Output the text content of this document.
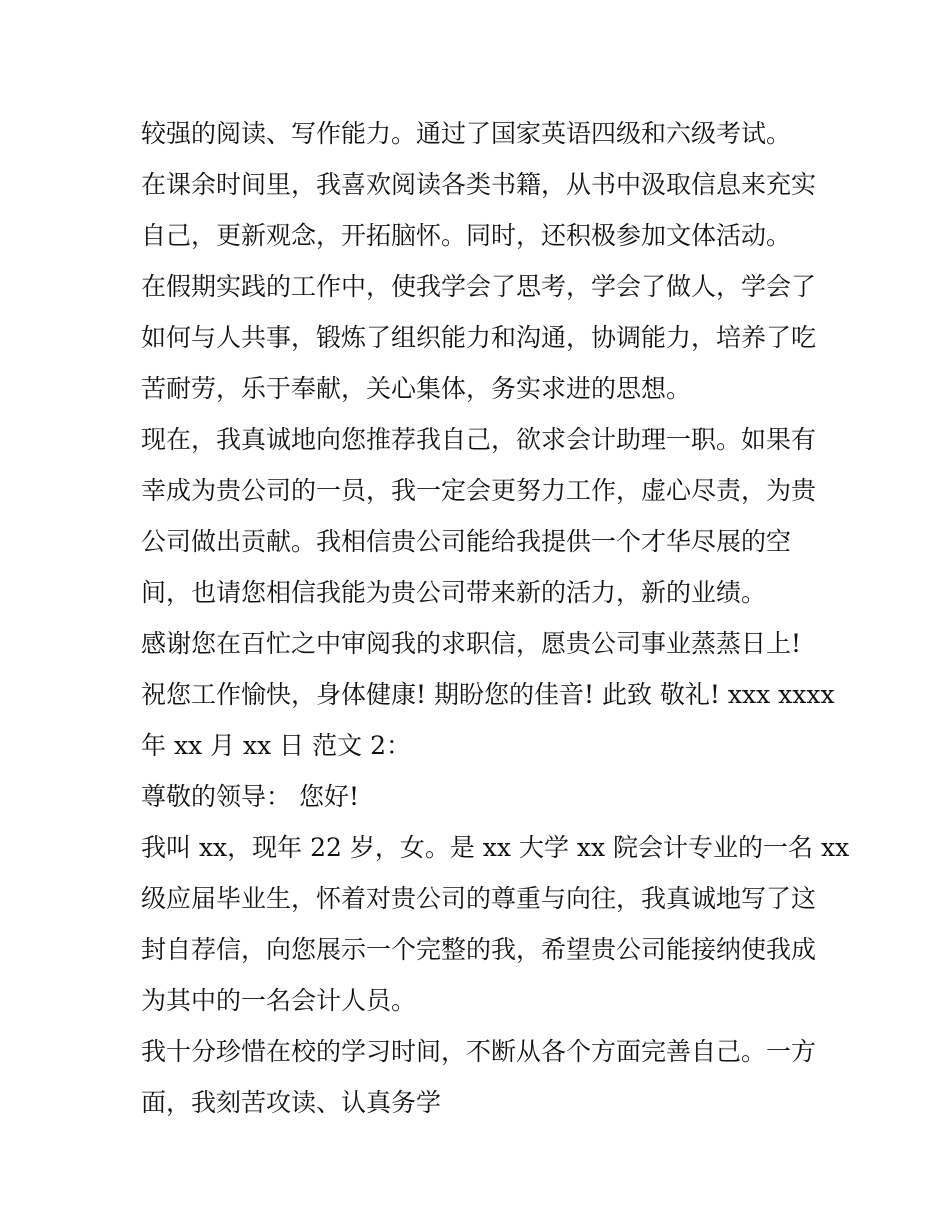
较强的阅读、写作能力。通过了国家英语四级和六级考试。
在课余时间里，我喜欢阅读各类书籍，从书中汲取信息来充实
自己，更新观念，开拓脑怀。同时，还积极参加文体活动。
在假期实践的工作中，使我学会了思考，学会了做人，学会了
如何与人共事，锻炼了组织能力和沟通，协调能力，培养了吃
苦耐劳，乐于奉献，关心集体，务实求进的思想。
现在，我真诚地向您推荐我自己，欲求会计助理一职。如果有
幸成为贵公司的一员，我一定会更努力工作，虚心尽责，为贵
公司做出贡献。我相信贵公司能给我提供一个才华尽展的空
间，也请您相信我能为贵公司带来新的活力，新的业绩。
感谢您在百忙之中审阅我的求职信，愿贵公司事业蒸蒸日上!
祝您工作愉快，身体健康! 期盼您的佳音! 此致 敬礼! xxx xxxx
年 xx 月 xx 日 范文 2：
尊敬的领导： 您好!
我叫 xx，现年 22 岁，女。是 xx 大学 xx 院会计专业的一名 xx
级应届毕业生，怀着对贵公司的尊重与向往，我真诚地写了这
封自荐信，向您展示一个完整的我，希望贵公司能接纳使我成
为其中的一名会计人员。
我十分珍惜在校的学习时间，不断从各个方面完善自己。一方
面，我刻苦攻读、认真务学
